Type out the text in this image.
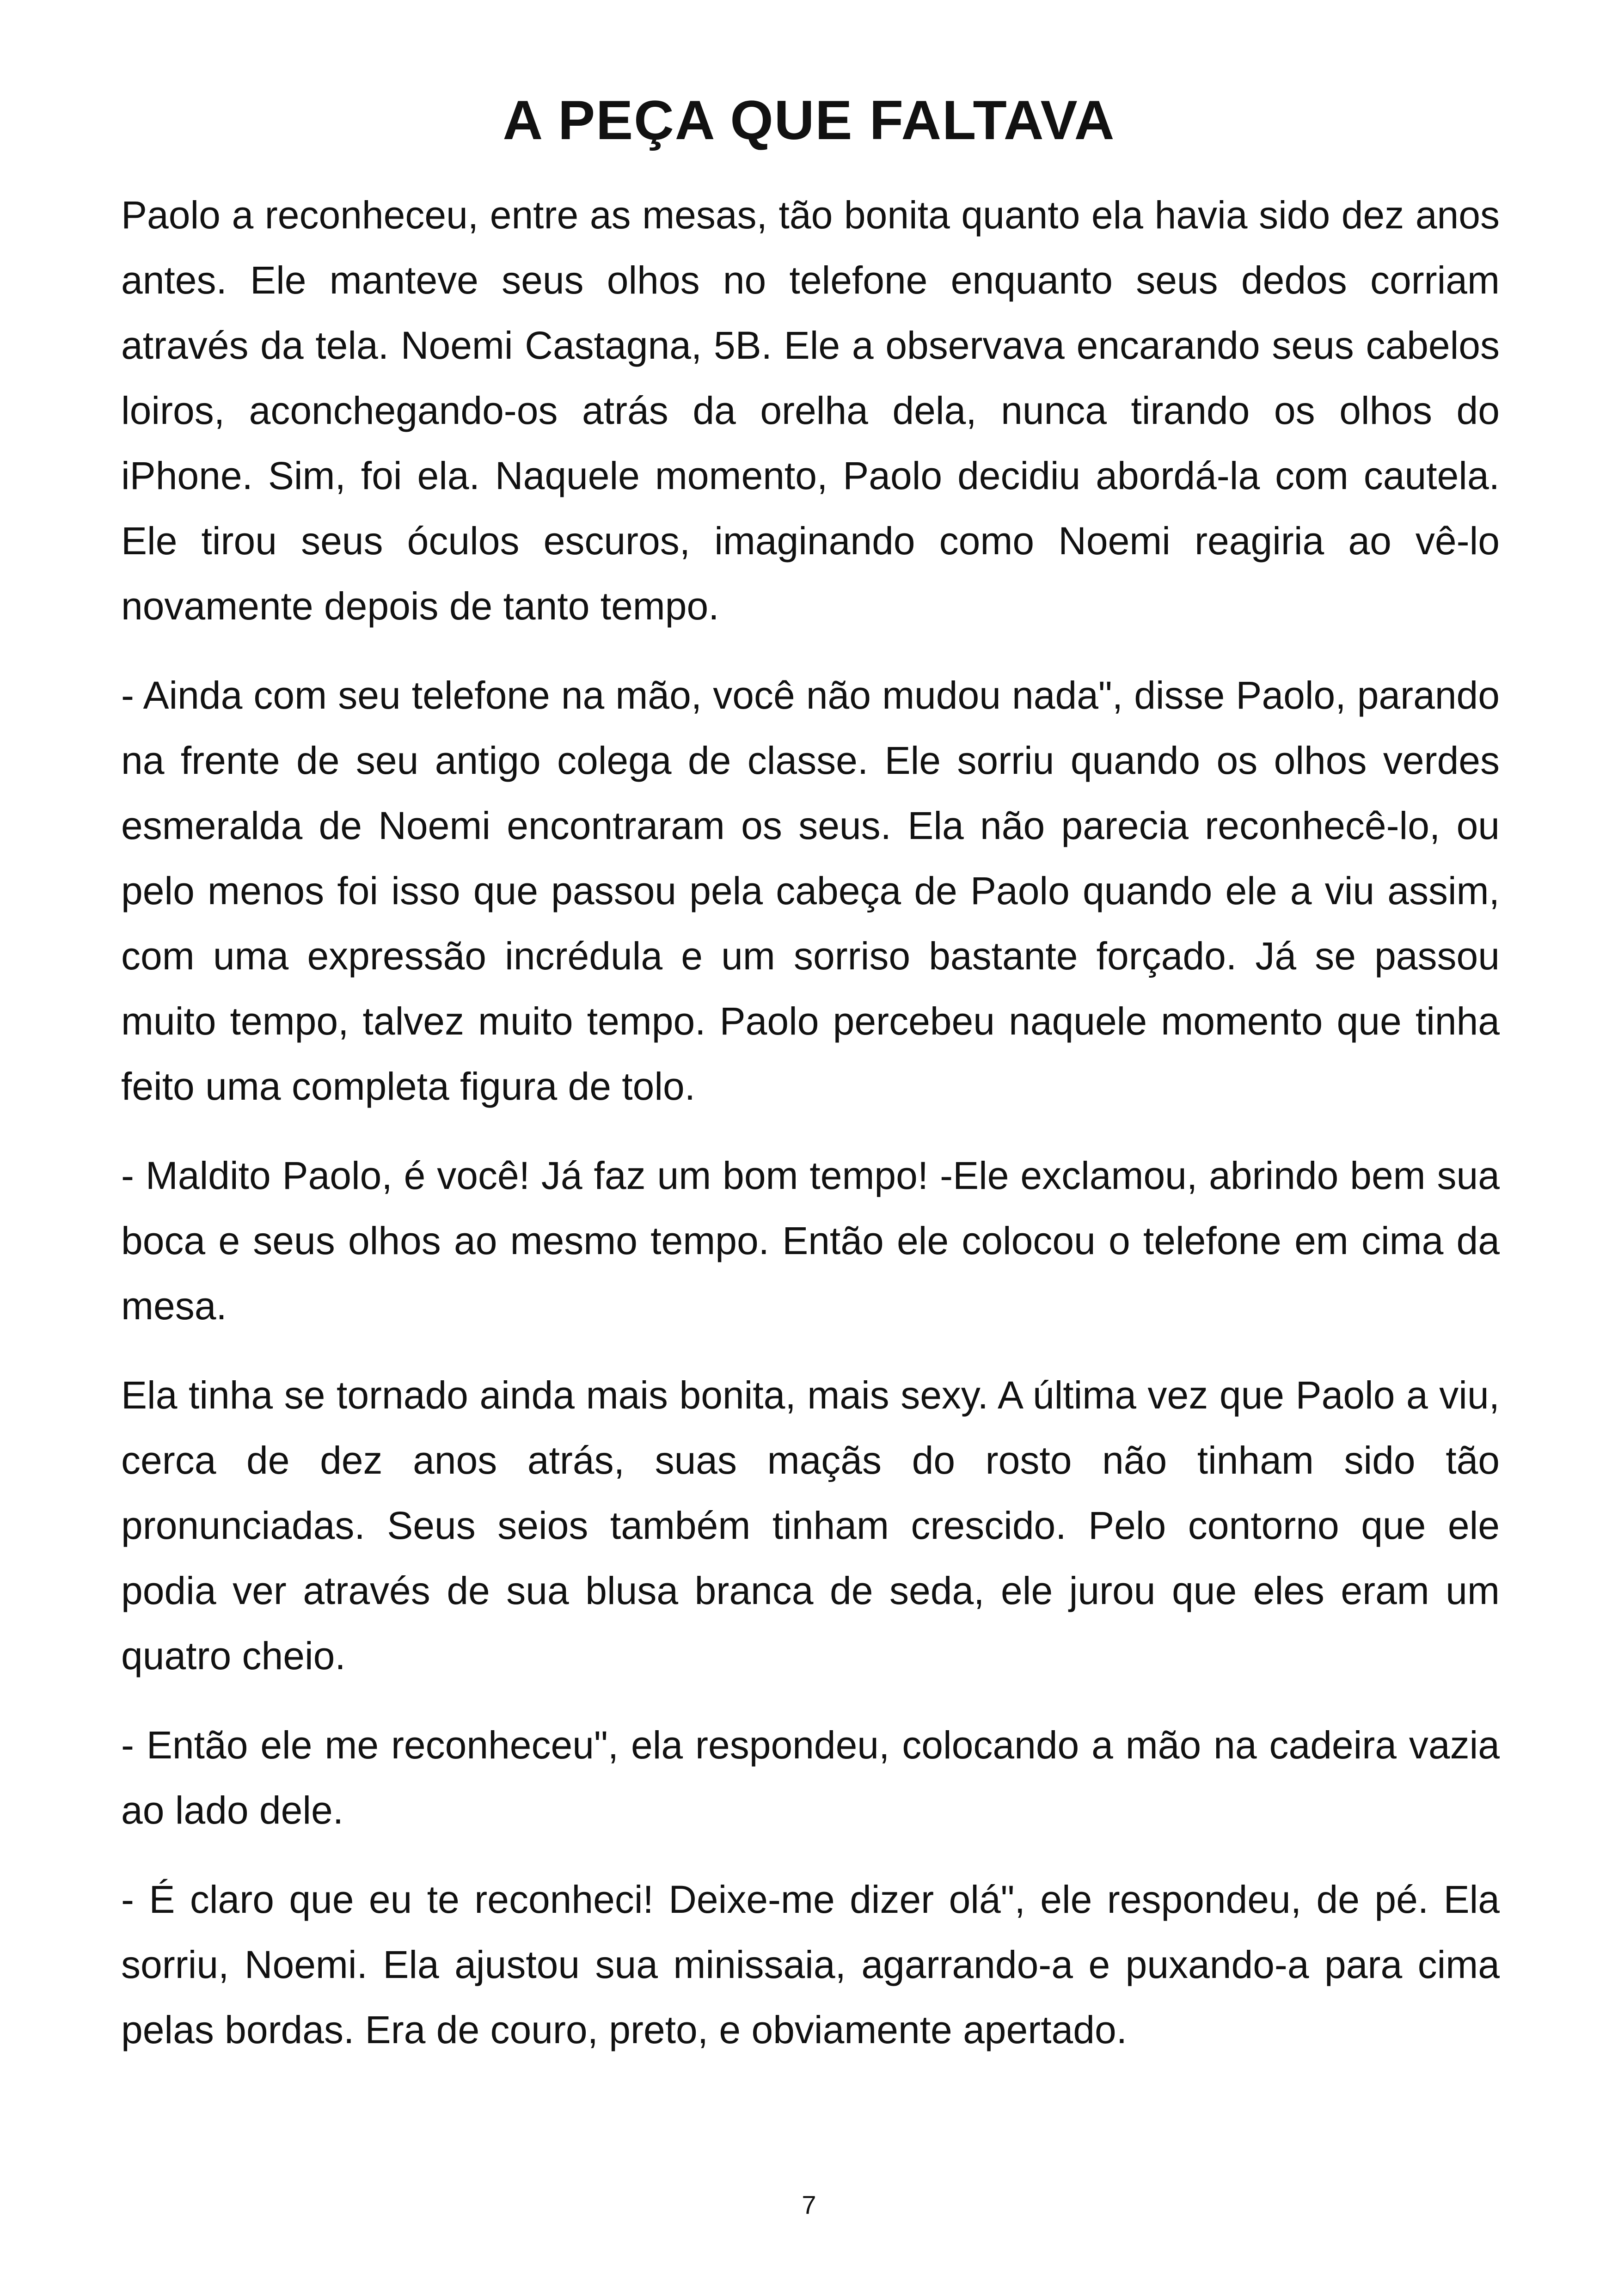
A PEÇA QUE FALTAVA

Paolo a reconheceu, entre as mesas, tão bonita quanto ela havia sido dez anos antes. Ele manteve seus olhos no telefone enquanto seus dedos corriam através da tela. Noemi Castagna, 5B. Ele a observava encarando seus cabelos loiros, aconchegando-os atrás da orelha dela, nunca tirando os olhos do iPhone. Sim, foi ela. Naquele momento, Paolo decidiu abordá-la com cautela. Ele tirou seus óculos escuros, imaginando como Noemi reagiria ao vê-lo novamente depois de tanto tempo.

- Ainda com seu telefone na mão, você não mudou nada", disse Paolo, parando na frente de seu antigo colega de classe. Ele sorriu quando os olhos verdes esmeralda de Noemi encontraram os seus. Ela não parecia reconhecê-lo, ou pelo menos foi isso que passou pela cabeça de Paolo quando ele a viu assim, com uma expressão incrédula e um sorriso bastante forçado. Já se passou muito tempo, talvez muito tempo. Paolo percebeu naquele momento que tinha feito uma completa figura de tolo.

- Maldito Paolo, é você! Já faz um bom tempo! -Ele exclamou, abrindo bem sua boca e seus olhos ao mesmo tempo. Então ele colocou o telefone em cima da mesa.

Ela tinha se tornado ainda mais bonita, mais sexy. A última vez que Paolo a viu, cerca de dez anos atrás, suas maçãs do rosto não tinham sido tão pronunciadas. Seus seios também tinham crescido. Pelo contorno que ele podia ver através de sua blusa branca de seda, ele jurou que eles eram um quatro cheio.

- Então ele me reconheceu", ela respondeu, colocando a mão na cadeira vazia ao lado dele.

- É claro que eu te reconheci! Deixe-me dizer olá", ele respondeu, de pé. Ela sorriu, Noemi. Ela ajustou sua minissaia, agarrando-a e puxando-a para cima pelas bordas. Era de couro, preto, e obviamente apertado.

7
